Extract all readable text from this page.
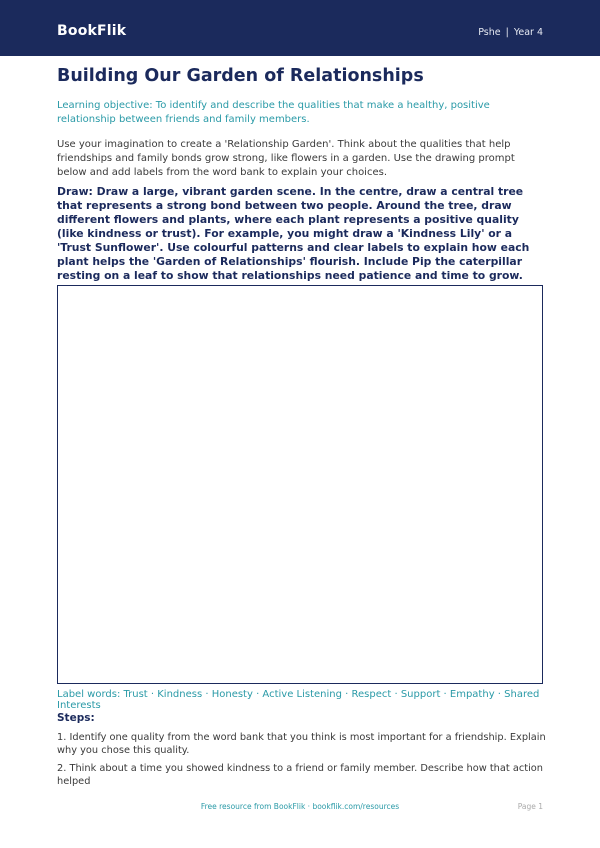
BookFlik	Pshe | Year 4
Building Our Garden of Relationships

Learning objective: To identify and describe the qualities that make a healthy, positive relationship between friends and family members.

Use your imagination to create a 'Relationship Garden'. Think about the qualities that help friendships and family bonds grow strong, like flowers in a garden. Use the drawing prompt below and add labels from the word bank to explain your choices.

Draw: Draw a large, vibrant garden scene. In the centre, draw a central tree that represents a strong bond between two people. Around the tree, draw different flowers and plants, where each plant represents a positive quality (like kindness or trust). For example, you might draw a 'Kindness Lily' or a 'Trust Sunflower'. Use colourful patterns and clear labels to explain how each plant helps the 'Garden of Relationships' flourish. Include Pip the caterpillar resting on a leaf to show that relationships need patience and time to grow.

Label words: Trust · Kindness · Honesty · Active Listening · Respect · Support · Empathy · Shared Interests

Steps:
1. Identify one quality from the word bank that you think is most important for a friendship. Explain why you chose this quality.
2. Think about a time you showed kindness to a friend or family member. Describe how that action helped
Free resource from BookFlik · bookflik.com/resources	Page 1
